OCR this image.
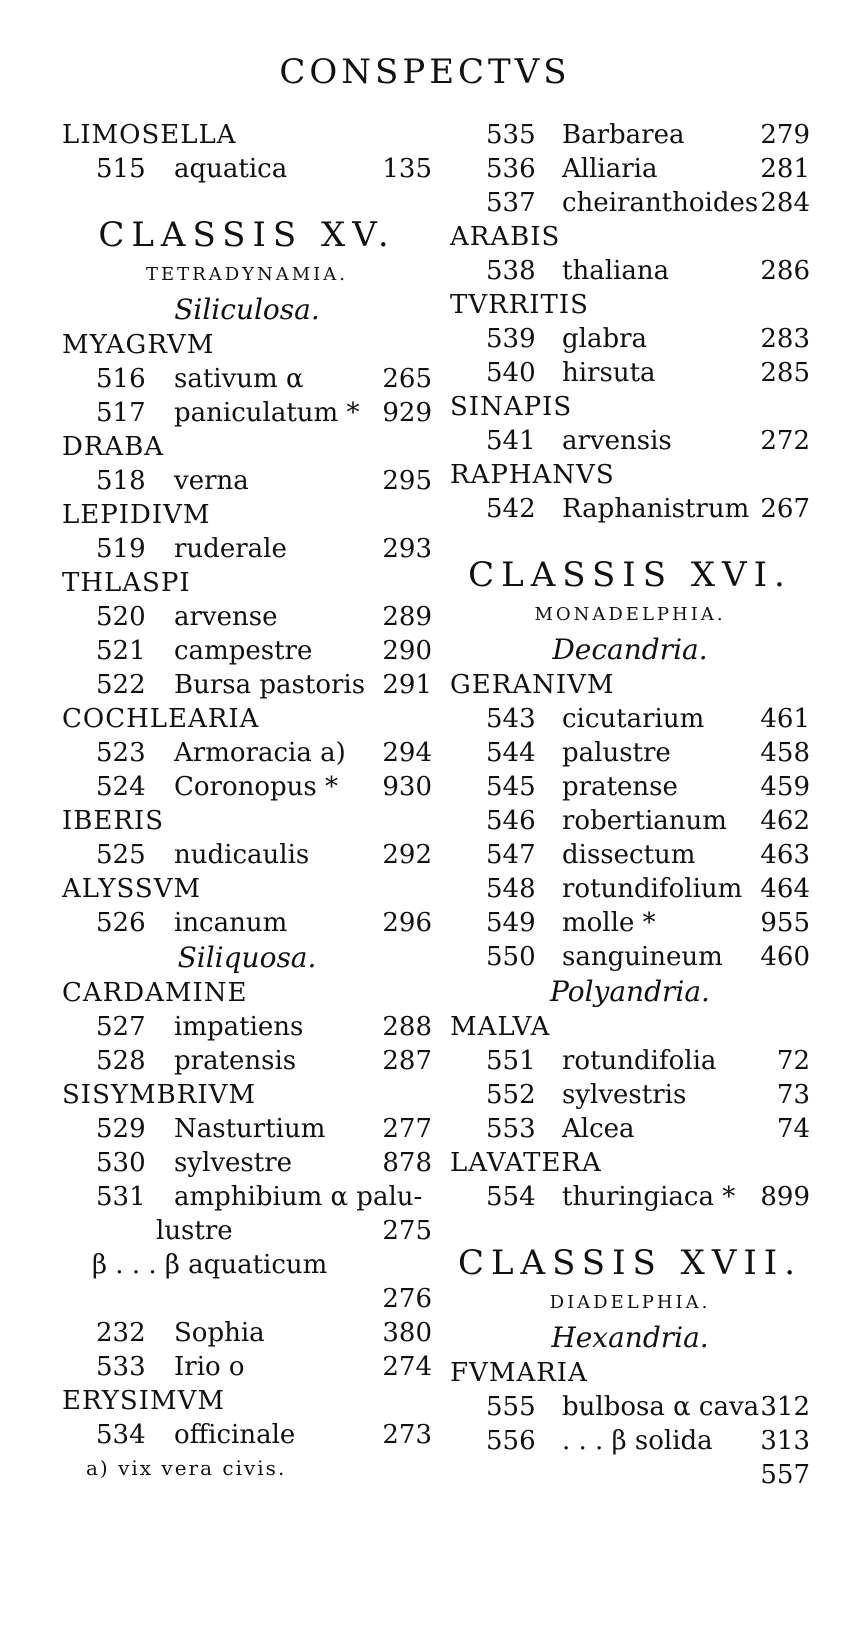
CONSPECTVS
LIMOSELLA
515 aquatica	135
CLASSIS XV.
TETRADYNAMIA.
Siliculosa.
MYAGRVM
516 sativum α	265
517 paniculatum * 929
DRABA
518 verna	295
LEPIDIVM
519 ruderale	293
THLASPI
520 arvense	289
521 campestre	290
522 Bursa pastoris 291
COCHLEARIA
523 Armoracia a) 294
524 Coronopus * 930
IBERIS
525 nudicaulis	292
ALYSSVM
526 incanum	296
Siliquosa.
CARDAMINE
527 impatiens	288
528 pratensis	287
SISYMBRIVM
529 Nasturtium 277
530 sylvestre	878
531 amphibium α palu-
lustre	275
β . . . β aquaticum
276
232 Sophia	380
533 Irio ο	274
ERYSIMVM
534 officinale	273
a) vix vera civis.
535 Barbarea	279
536 Alliaria	281
537 cheiranthoides 284
ARABIS
538 thaliana	286
TVRRITIS
539 glabra	283
540 hirsuta	285
SINAPIS
541 arvensis	272
RAPHANVS
542 Raphanistrum 267
CLASSIS XVI.
MONADELPHIA.
Decandria.
GERANIVM
543 cicutarium 461
544 palustre	458
545 pratense	459
546 robertianum 462
547 dissectum 463
548 rotundifolium 464
549 molle *	955
550 sanguineum 460
Polyandria.
MALVA
551 rotundifolia 72
552 sylvestris	73
553 Alcea	74
LAVATERA
554 thuringiaca * 899
CLASSIS XVII.
DIADELPHIA.
Hexandria.
FVMARIA
555 bulbosa α cava 312
556 . . . β solida 313
557
